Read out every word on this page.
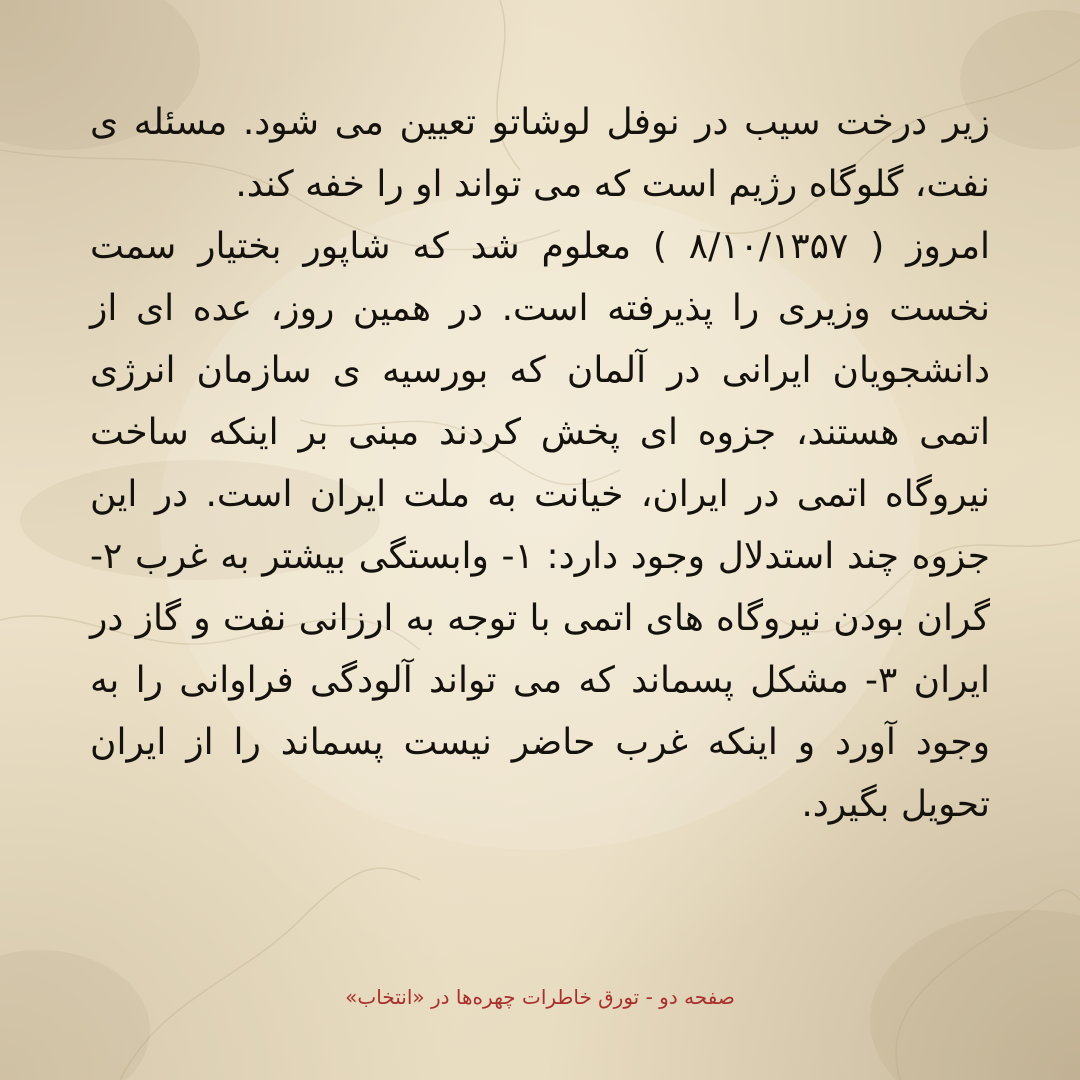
زیر درخت سیب در نوفل لوشاتو تعیین می شود. مسئله ی نفت، گلوگاه رژیم است که می تواند او را خفه کند.

امروز ( ۸/۱۰/۱۳۵۷ ) معلوم شد که شاپور بختیار سمت نخست وزیری را پذیرفته است. در همین روز، عده ای از دانشجویان ایرانی در آلمان که بورسیه ی سازمان انرژی اتمی هستند، جزوه ای پخش کردند مبنی بر اینکه ساخت نیروگاه اتمی در ایران، خیانت به ملت ایران است. در این جزوه چند استدلال وجود دارد: ۱- وابستگی بیشتر به غرب ۲- گران بودن نیروگاه های اتمی با توجه به ارزانی نفت و گاز در ایران ۳- مشکل پسماند که می تواند آلودگی فراوانی را به وجود آورد و اینکه غرب حاضر نیست پسماند را از ایران تحویل بگیرد.

صفحه دو - تورق خاطرات چهره‌ها در «انتخاب»
